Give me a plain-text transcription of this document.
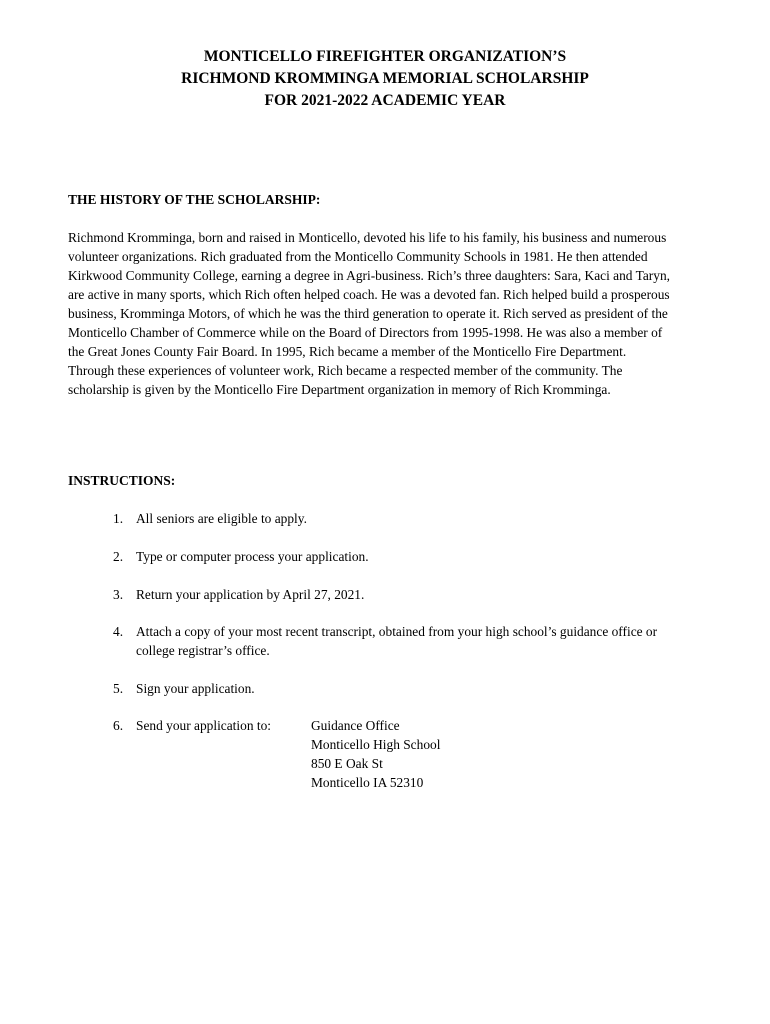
MONTICELLO FIREFIGHTER ORGANIZATION’S
RICHMOND KROMMINGA MEMORIAL SCHOLARSHIP
FOR 2021-2022 ACADEMIC YEAR
THE HISTORY OF THE SCHOLARSHIP:
Richmond Kromminga, born and raised in Monticello, devoted his life to his family, his business and numerous
volunteer organizations. Rich graduated from the Monticello Community Schools in 1981. He then attended
Kirkwood Community College, earning a degree in Agri-business. Rich’s three daughters: Sara, Kaci and Taryn,
are active in many sports, which Rich often helped coach. He was a devoted fan. Rich helped build a prosperous
business, Kromminga Motors, of which he was the third generation to operate it. Rich served as president of the
Monticello Chamber of Commerce while on the Board of Directors from 1995-1998. He was also a member of
the Great Jones County Fair Board. In 1995, Rich became a member of the Monticello Fire Department.
Through these experiences of volunteer work, Rich became a respected member of the community. The
scholarship is given by the Monticello Fire Department organization in memory of Rich Kromminga.
INSTRUCTIONS:
1. All seniors are eligible to apply.
2. Type or computer process your application.
3. Return your application by April 27, 2021.
4. Attach a copy of your most recent transcript, obtained from your high school’s guidance office or
college registrar’s office.
5. Sign your application.
6. Send your application to:	Guidance Office
Monticello High School
850 E Oak St
Monticello IA 52310
